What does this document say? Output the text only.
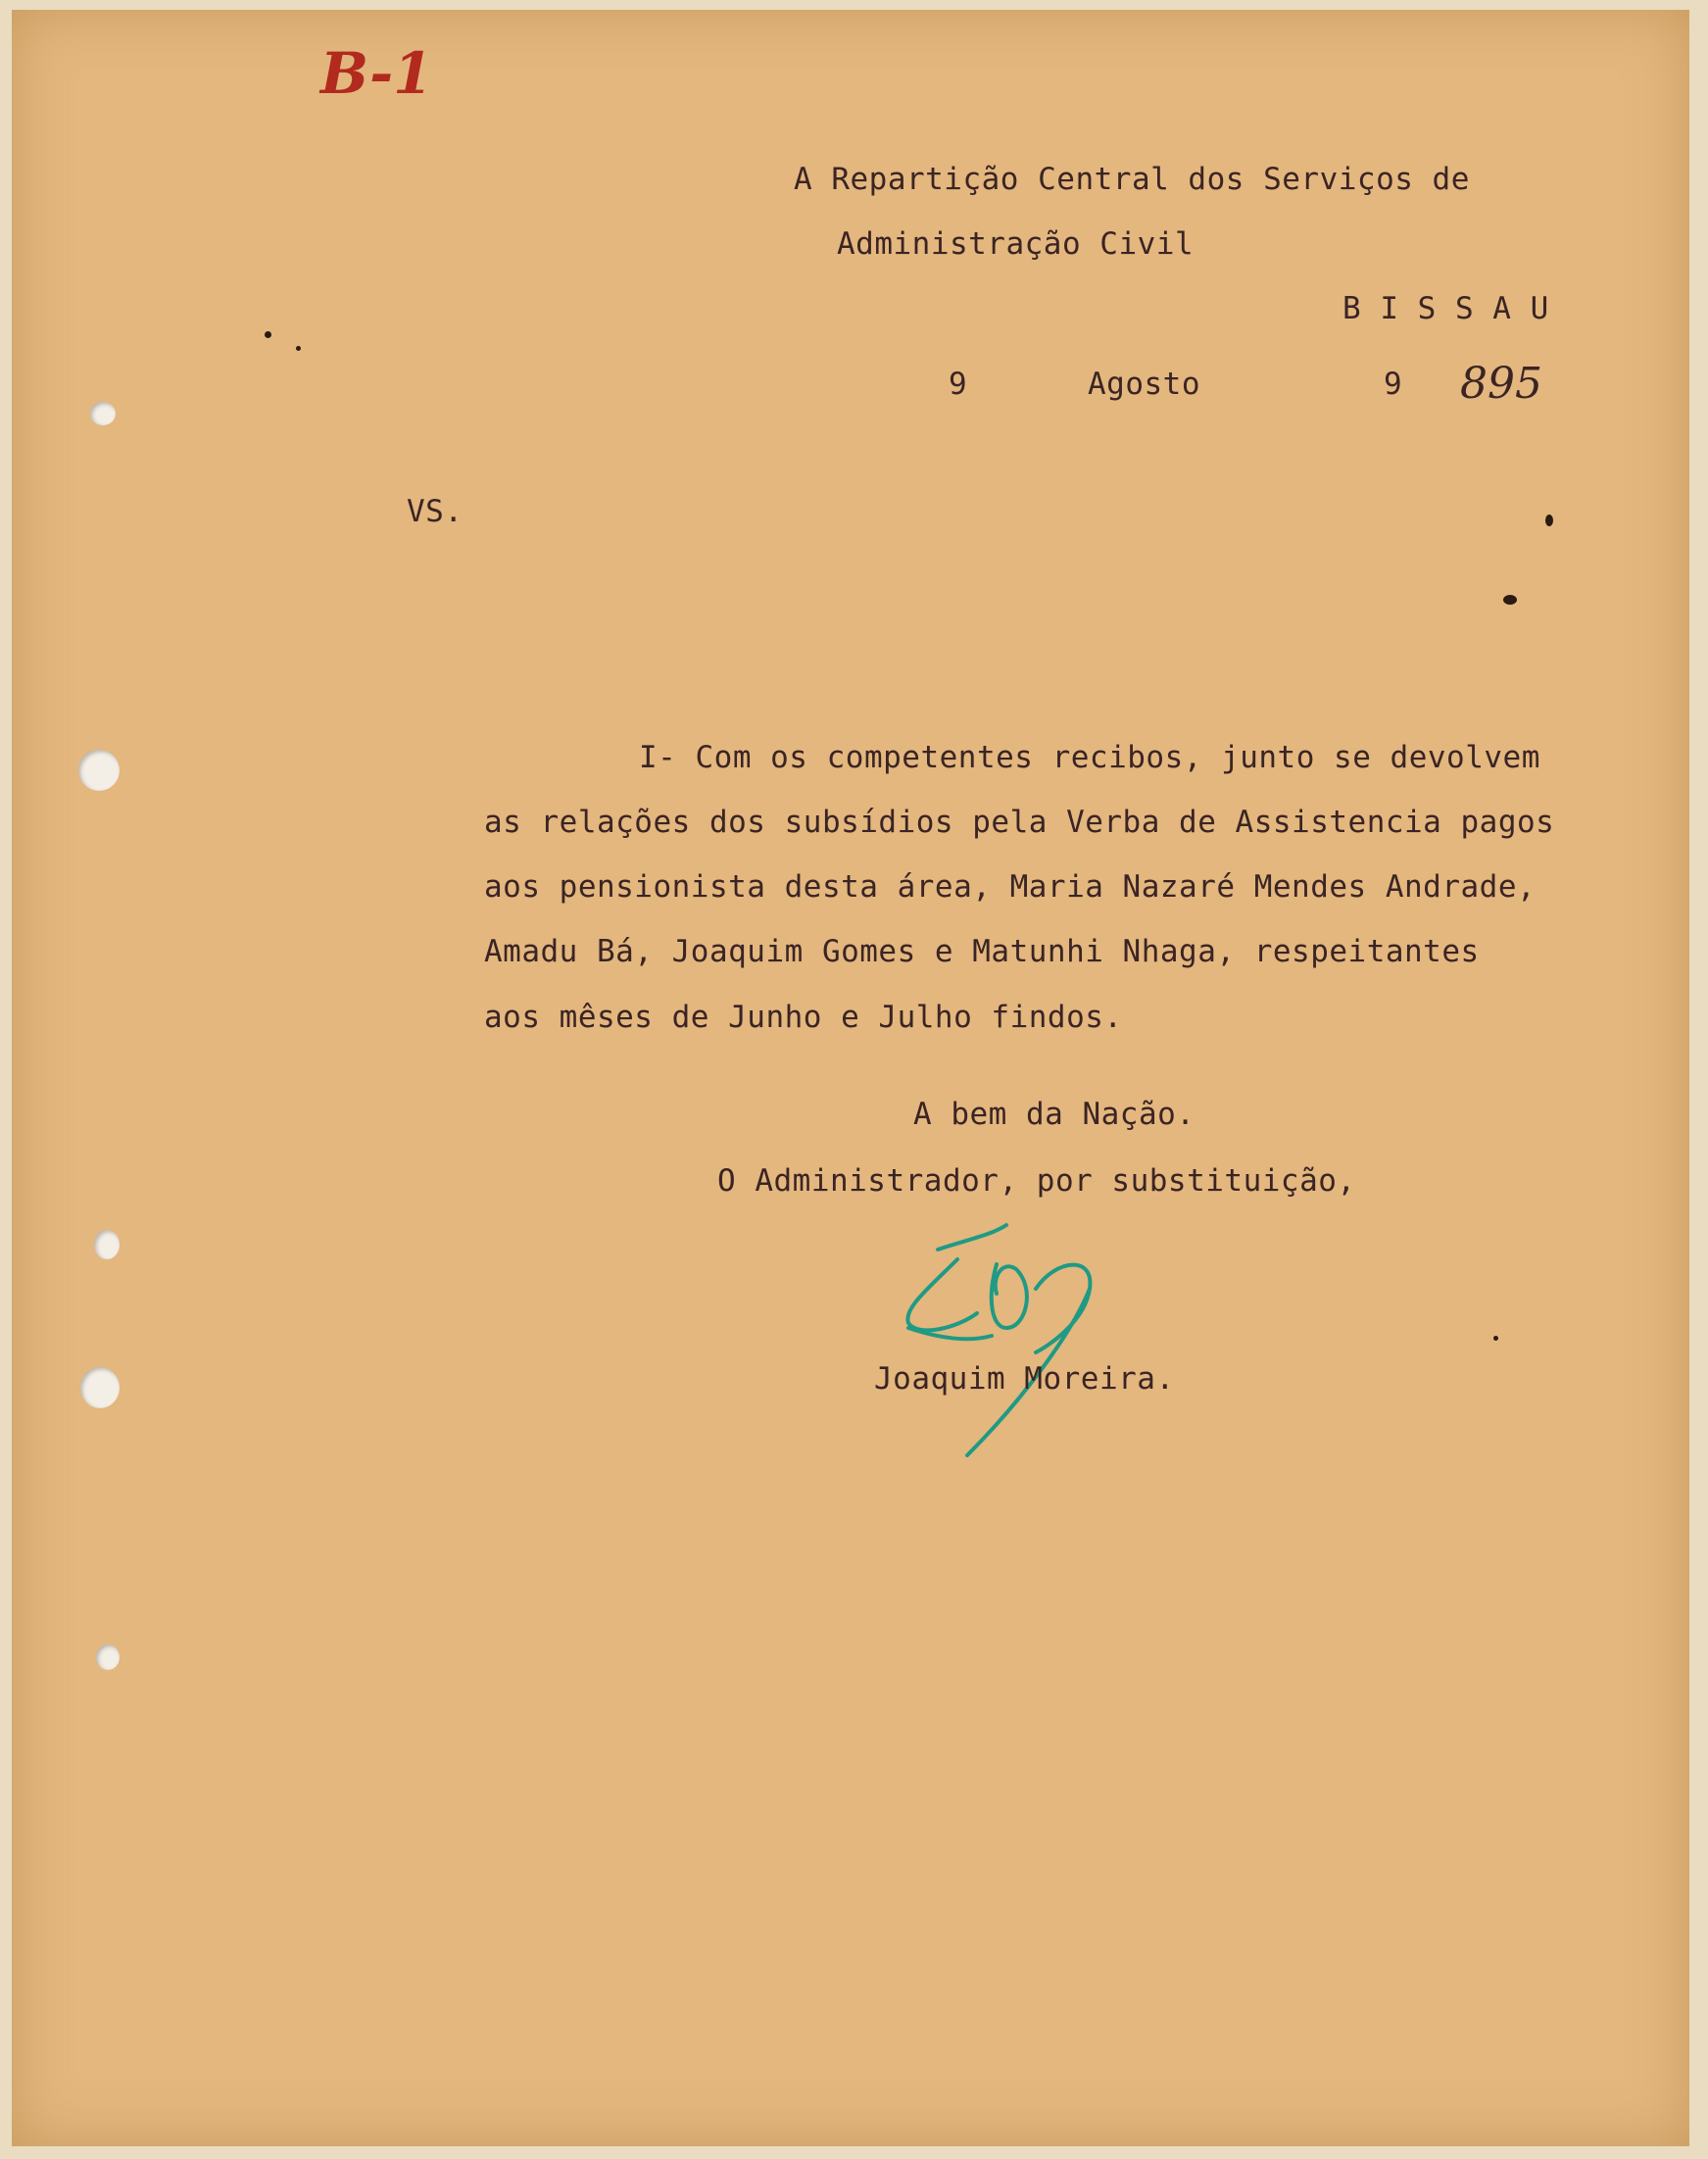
B-1
A Repartição Central dos Serviços de
Administração Civil
B I S S A U
9	Agosto	9 895
VS.
I- Com os competentes recibos, junto se devolvem
as relações dos subsídios pela Verba de Assistencia pagos
aos pensionista desta área, Maria Nazaré Mendes Andrade,
Amadu Bá, Joaquim Gomes e Matunhi Nhaga, respeitantes
aos mêses de Junho e Julho findos.
A bem da Nação.
O Administrador, por substituição,
Joaquim Moreira.
